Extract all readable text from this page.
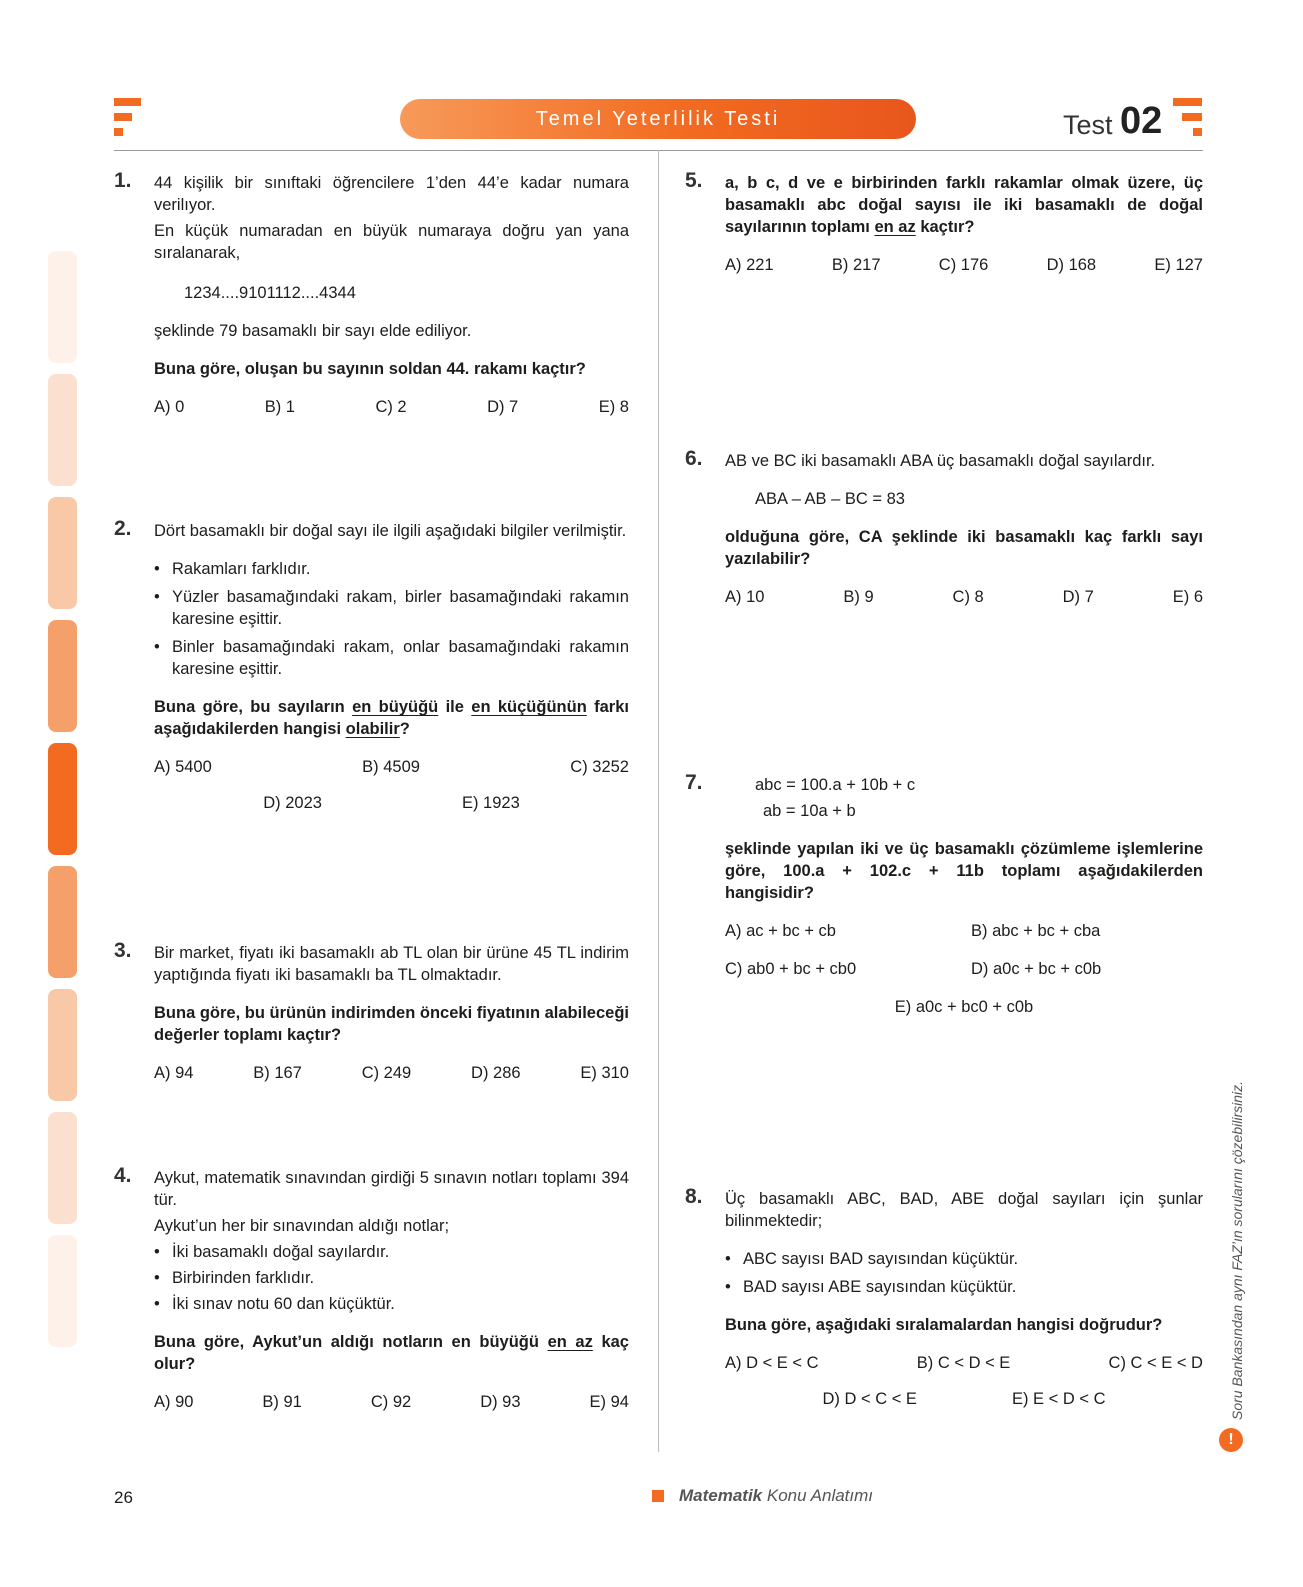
Temel Yeterlilik Testi	Test 02
1. 44 kişilik bir sınıftaki öğrencilere 1’den 44’e kadar numara verilıyor.

En küçük numaradan en büyük numaraya doğru yan yana sıralanarak,

1234....9101112....4344

şeklinde 79 basamaklı bir sayı elde ediliyor.

Buna göre, oluşan bu sayının soldan 44. rakamı kaçtır?

A) 0	B) 1	C) 2	D) 7	E) 8
2. Dört basamaklı bir doğal sayı ile ilgili aşağıdaki bilgiler verilmiştir.

• Rakamları farklıdır.
• Yüzler basamağındaki rakam, birler basamağındaki rakamın karesine eşittir.
• Binler basamağındaki rakam, onlar basamağındaki rakamın karesine eşittir.

Buna göre, bu sayıların en büyüğü ile en küçüğünün farkı aşağıdakilerden hangisi olabilir?

A) 5400	B) 4509	C) 3252
D) 2023	E) 1923
3. Bir market, fiyatı iki basamaklı ab TL olan bir ürüne 45 TL indirim yaptığında fiyatı iki basamaklı ba TL olmaktadır.

Buna göre, bu ürünün indirimden önceki fiyatının alabileceği değerler toplamı kaçtır?

A) 94	B) 167	C) 249	D) 286	E) 310
4. Aykut, matematik sınavından girdiği 5 sınavın notları toplamı 394 tür.

Aykut’un her bir sınavından aldığı notlar;

• İki basamaklı doğal sayılardır.
• Birbirinden farklıdır.
• İki sınav notu 60 dan küçüktür.

Buna göre, Aykut’un aldığı notların en büyüğü en az kaç olur?

A) 90	B) 91	C) 92	D) 93	E) 94
5. a, b c, d ve e birbirinden farklı rakamlar olmak üzere, üç basamaklı abc doğal sayısı ile iki basamaklı de doğal sayılarının toplamı en az kaçtır?

A) 221	B) 217	C) 176	D) 168	E) 127
6. AB ve BC iki basamaklı ABA üç basamaklı doğal sayılardır.

ABA – AB – BC = 83

olduğuna göre, CA şeklinde iki basamaklı kaç farklı sayı yazılabilir?

A) 10	B) 9	C) 8	D) 7	E) 6
7.	abc = 100.a + 10b + c

ab = 10a + b

şeklinde yapılan iki ve üç basamaklı çözümleme işlemlerine göre, 100.a + 102.c + 11b toplamı aşağıdakilerden hangisidir?

A) ac + bc + cb	B) abc + bc + cba
C) ab0 + bc + cb0	D) a0c + bc + c0b
E) a0c + bc0 + c0b
8. Üç basamaklı ABC, BAD, ABE doğal sayıları için şunlar bilinmektedir;

• ABC sayısı BAD sayısından küçüktür.
• BAD sayısı ABE sayısından küçüktür.

Buna göre, aşağıdaki sıralamalardan hangisi doğrudur?

A) D < E < C	B) C < D < E	C) C < E < D
D) D < C < E	E) E < D < C	Soru Bankasından aynı FAZ’ın sorularını çözebilirsiniz.
!
26	Matematik Konu Anlatımı
